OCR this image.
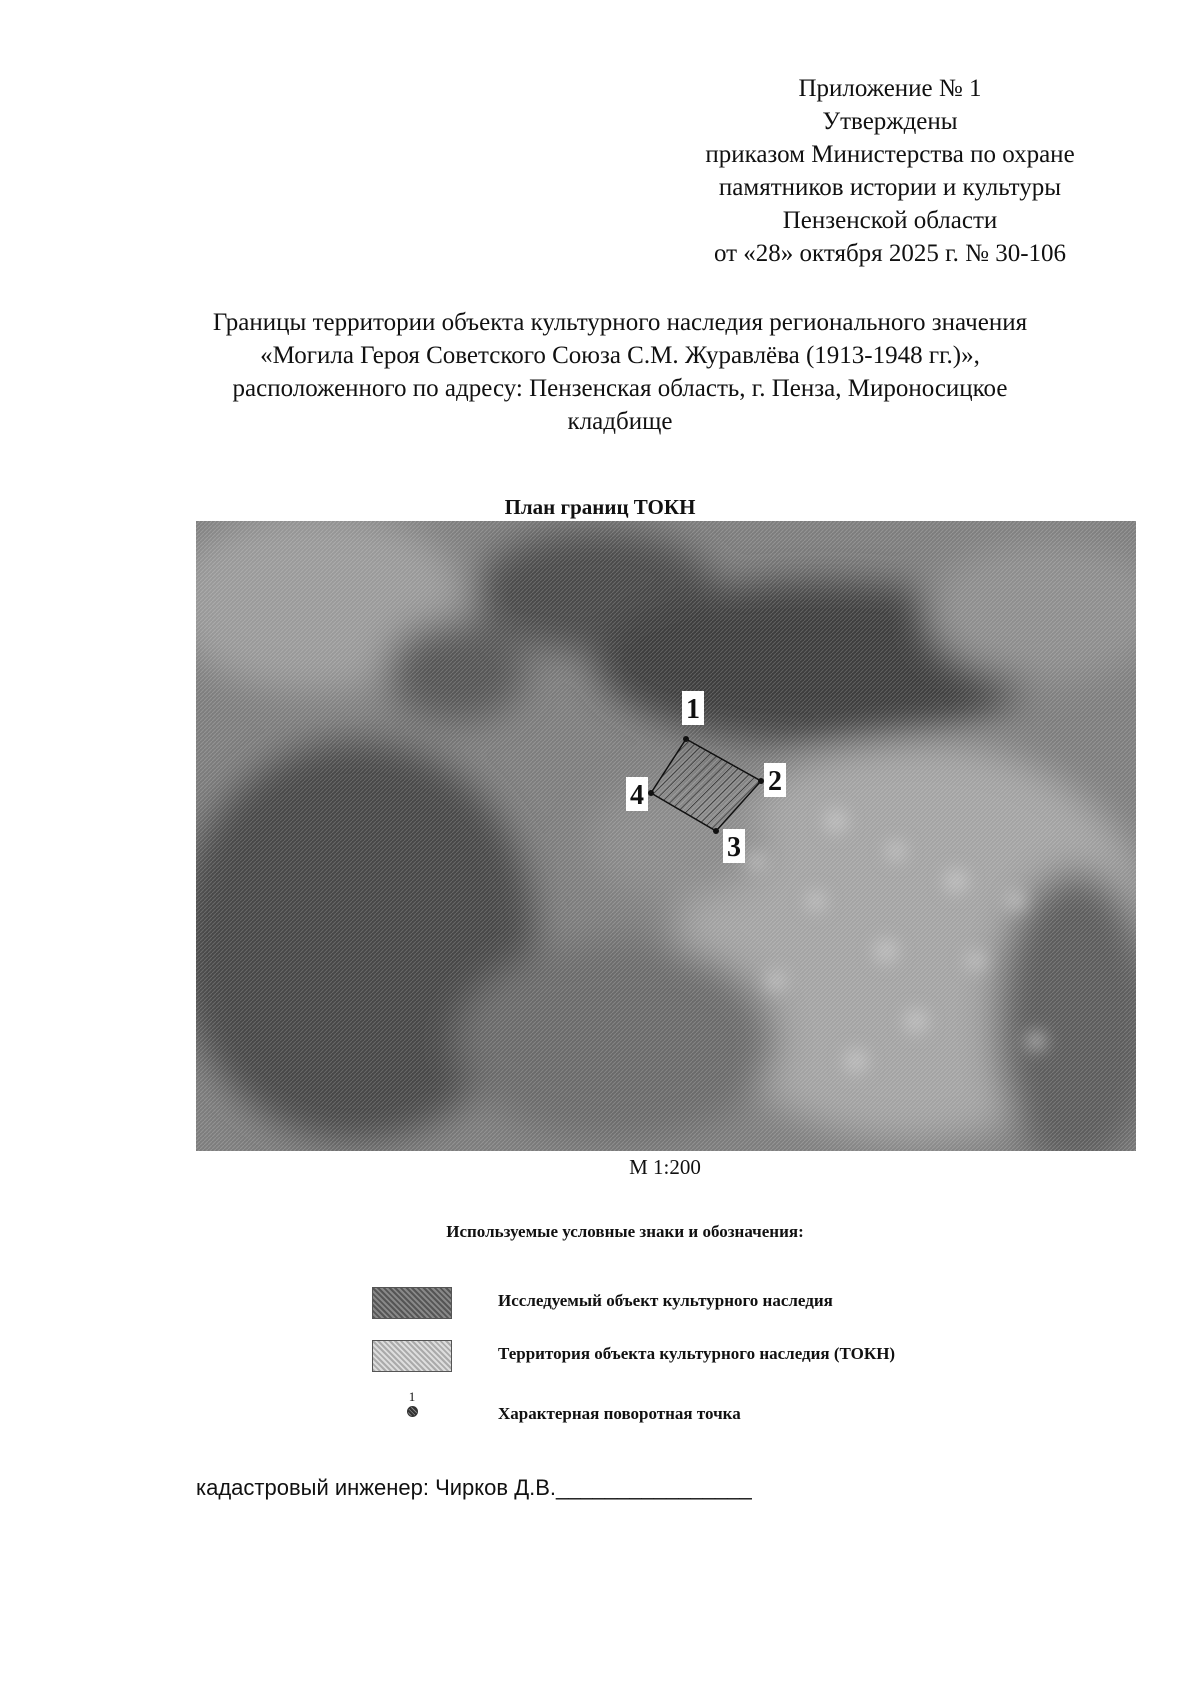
Приложение № 1
Утверждены
приказом Министерства по охране
памятников истории и культуры
Пензенской области
от «28» октября 2025 г. № 30-106
Границы территории объекта культурного наследия регионального значения
«Могила Героя Советского Союза С.М. Журавлёва (1913-1948 гг.)»,
расположенного по адресу: Пензенская область, г. Пенза, Мироносицкое
кладбище
План границ ТОКН
1
2
3
4
М 1:200
Используемые условные знаки и обозначения:
Исследуемый объект культурного наследия
Территория объекта культурного наследия (ТОКН)
1
Характерная поворотная точка
кадастровый инженер: Чирков Д.В.________________
